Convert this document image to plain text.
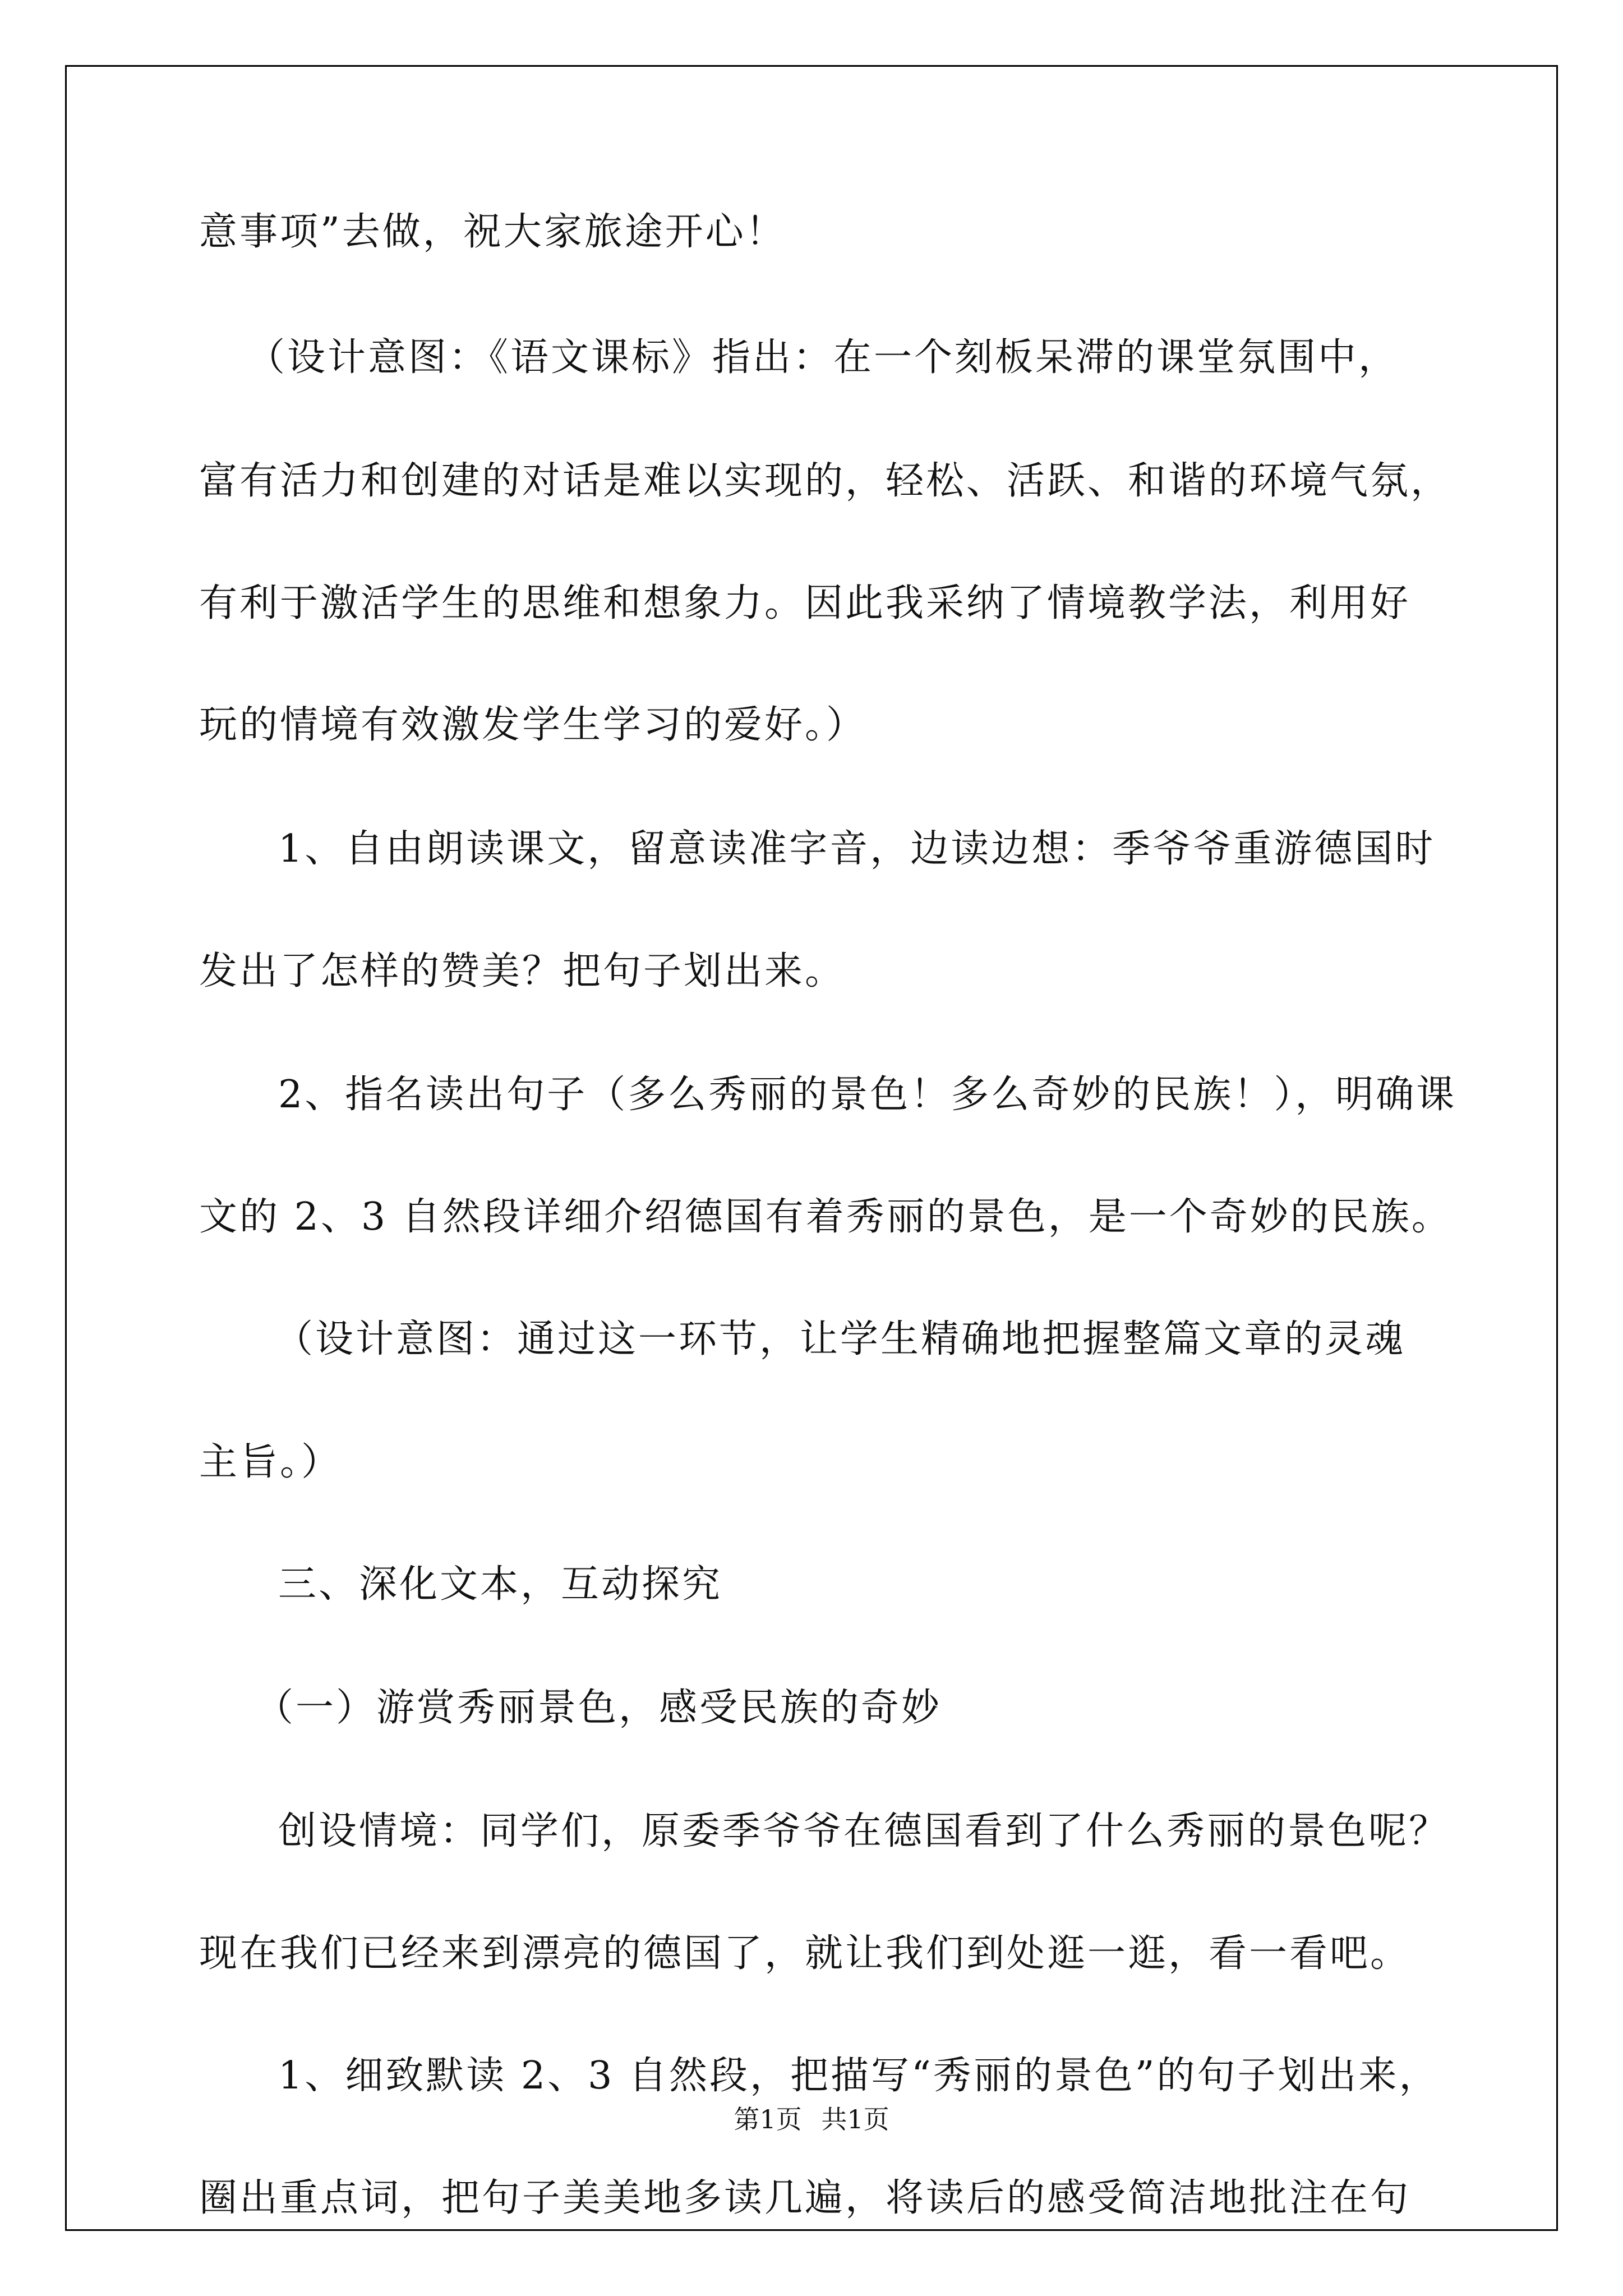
意事项”去做，祝大家旅途开心！
（设计意图：《语文课标》指出：在一个刻板呆滞的课堂氛围中，
富有活力和创建的对话是难以实现的，轻松、活跃、和谐的环境气氛，
有利于激活学生的思维和想象力。因此我采纳了情境教学法，利用好
玩的情境有效激发学生学习的爱好。）
1、自由朗读课文，留意读准字音，边读边想：季爷爷重游德国时
发出了怎样的赞美？把句子划出来。
2、指名读出句子（多么秀丽的景色！多么奇妙的民族！），明确课
文的 2、3 自然段详细介绍德国有着秀丽的景色，是一个奇妙的民族。
（设计意图：通过这一环节，让学生精确地把握整篇文章的灵魂
主旨。）
三、深化文本，互动探究
（一）游赏秀丽景色，感受民族的奇妙
创设情境：同学们，原委季爷爷在德国看到了什么秀丽的景色呢？
现在我们已经来到漂亮的德国了，就让我们到处逛一逛，看一看吧。
1、细致默读 2、3 自然段，把描写“秀丽的景色”的句子划出来，
圈出重点词，把句子美美地多读几遍，将读后的感受简洁地批注在句
第1页 共1页
